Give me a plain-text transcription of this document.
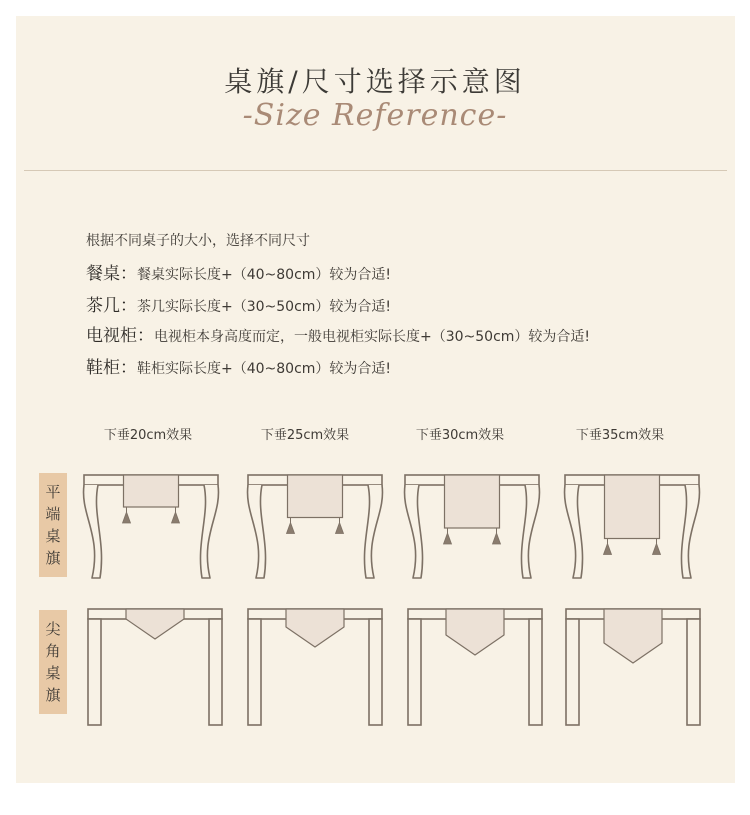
桌旗/尺寸选择示意图
-Size Reference-
根据不同桌子的大小，选择不同尺寸
餐桌：餐桌实际长度+（40~80cm）较为合适!
茶几：茶几实际长度+（30~50cm）较为合适!
电视柜：电视柜本身高度而定，一般电视柜实际长度+（30~50cm）较为合适!
鞋柜：鞋柜实际长度+（40~80cm）较为合适!
下垂20cm效果	下垂25cm效果	下垂30cm效果	下垂35cm效果
平
端
桌
旗
尖
角
桌
旗
